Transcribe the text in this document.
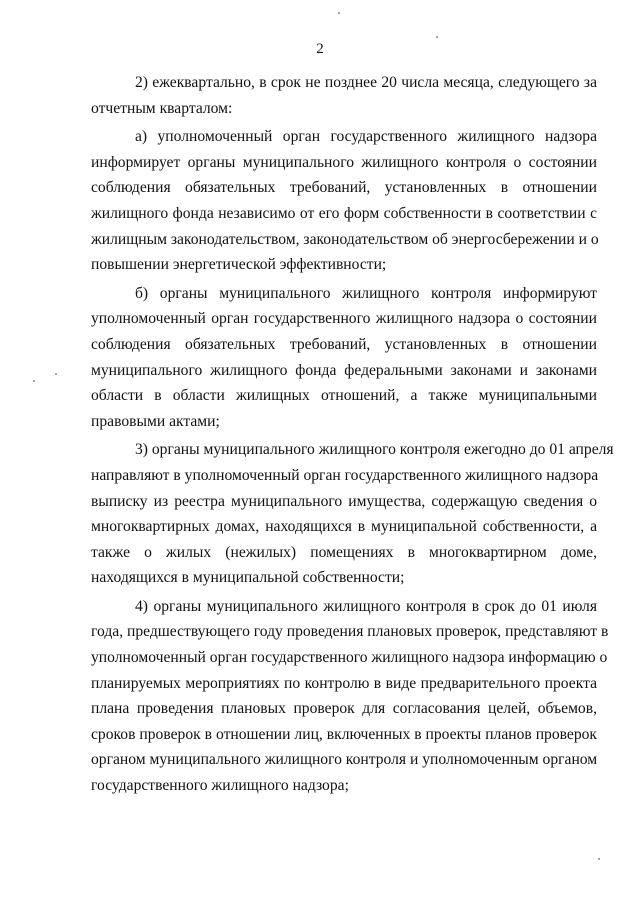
2
2) ежеквартально, в срок не позднее 20 числа месяца, следующего за
отчетным кварталом:
а) уполномоченный орган государственного жилищного надзора
информирует органы муниципального жилищного контроля о состоянии
соблюдения обязательных требований, установленных в отношении
жилищного фонда независимо от его форм собственности в соответствии с
жилищным законодательством, законодательством об энергосбережении и о
повышении энергетической эффективности;
б) органы муниципального жилищного контроля информируют
уполномоченный орган государственного жилищного надзора о состоянии
соблюдения обязательных требований, установленных в отношении
муниципального жилищного фонда федеральными законами и законами
области в области жилищных отношений, а также муниципальными
правовыми актами;
3) органы муниципального жилищного контроля ежегодно до 01 апреля
направляют в уполномоченный орган государственного жилищного надзора
выписку из реестра муниципального имущества, содержащую сведения о
многоквартирных домах, находящихся в муниципальной собственности, а
также о жилых (нежилых) помещениях в многоквартирном доме,
находящихся в муниципальной собственности;
4) органы муниципального жилищного контроля в срок до 01 июля
года, предшествующего году проведения плановых проверок, представляют в
уполномоченный орган государственного жилищного надзора информацию о
планируемых мероприятиях по контролю в виде предварительного проекта
плана проведения плановых проверок для согласования целей, объемов,
сроков проверок в отношении лиц, включенных в проекты планов проверок
органом муниципального жилищного контроля и уполномоченным органом
государственного жилищного надзора;
